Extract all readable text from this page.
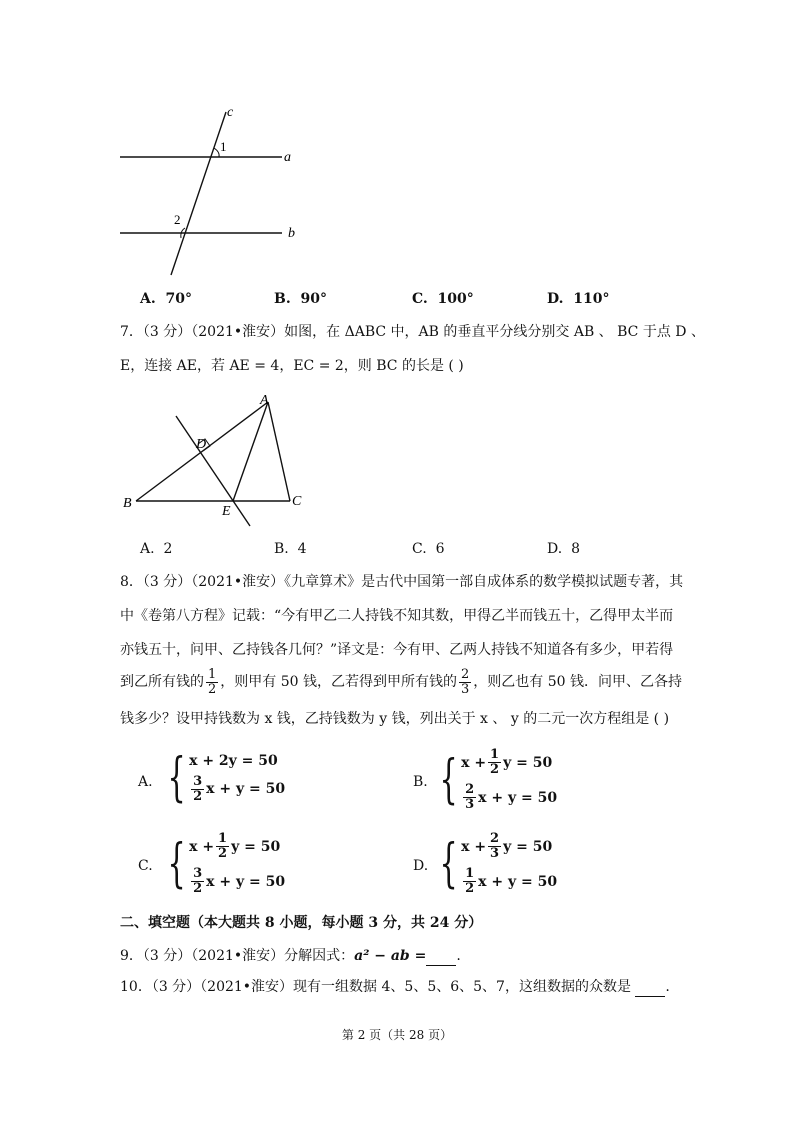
c
a
b
1
2
A. 70°	B. 90°	C. 100°	D. 110°
7．（3 分）（2021•淮安）如图，在 ΔABC 中，AB 的垂直平分线分别交 AB 、 BC 于点 D 、
E，连接 AE，若 AE = 4，EC = 2，则 BC 的长是 ( )
A
B	C
D
E
A. 2	B. 4	C. 6	D. 8
8．（3 分）（2021•淮安）《九章算术》是古代中国第一部自成体系的数学模拟试题专著，其
中《卷第八方程》记载：“今有甲乙二人持钱不知其数，甲得乙半而钱五十，乙得甲太半而
亦钱五十，问甲、乙持钱各几何？”译文是：今有甲、乙两人持钱不知道各有多少，甲若得
到乙所有钱的 $\frac{1}{2}$ ，则甲有 50 钱，乙若得到甲所有钱的 $\frac{2}{3}$ ，则乙也有 50 钱．问甲、乙各持
钱多少？设甲持钱数为 x 钱，乙持钱数为 y 钱，列出关于 x 、 y 的二元一次方程组是 ( )
A. { x + 2y = 50
$\frac{3}{2}$ x + y = 50	B. { $x + \frac{1}{2}$ y = 50
$\frac{2}{3}$ x + y = 50
C. { $x + \frac{1}{2}$ y = 50
$\frac{3}{2}$ x + y = 50
D. { $x + \frac{2}{3}$ y = 50
$\frac{1}{2}$ x + y = 50
二、填空题（本大题共 8 小题，每小题 3 分，共 24 分）
9．（3 分）（2021•淮安）分解因式：a² − ab = .
10．（3 分）（2021•淮安）现有一组数据 4、5、5、6、5、7，这组数据的众数是 .
第 2 页（共 28 页）
